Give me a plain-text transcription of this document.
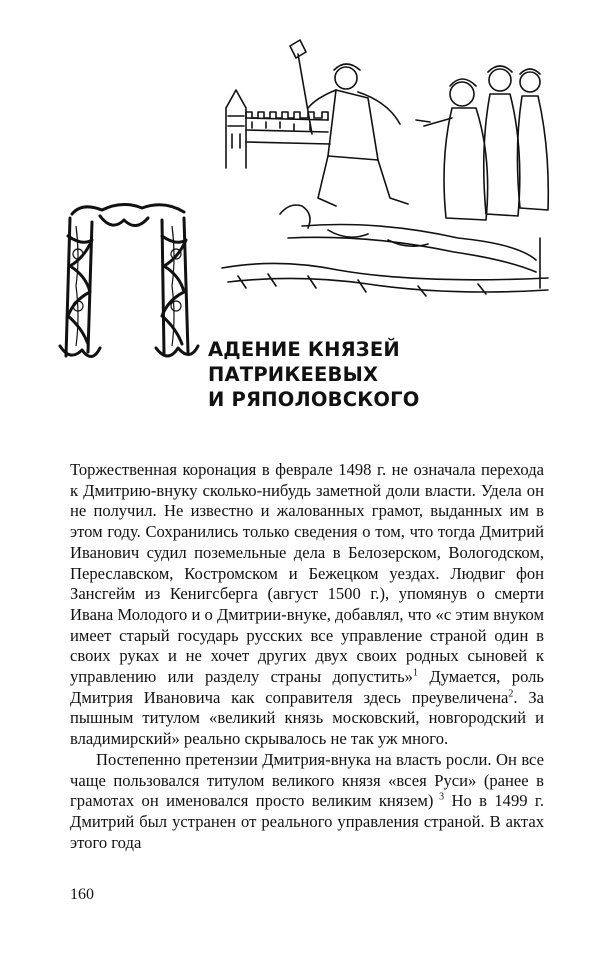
АДЕНИЕ КНЯЗЕЙ
ПАТРИКЕЕВЫХ
И РЯПОЛОВСКОГО

Торжественная коронация в феврале 1498 г. не означала перехода к Дмитрию-внуку сколько-нибудь заметной доли власти. Удела он не получил. Не известно и жалованных грамот, выданных им в этом году. Сохранились только сведения о том, что тогда Дмитрий Иванович судил поземельные дела в Белозерском, Вологодском, Переславском, Костромском и Бежецком уездах. Людвиг фон Зансгейм из Кенигсберга (август 1500 г.), упомянув о смерти Ивана Молодого и о Дмитрии-внуке, добавлял, что «с этим внуком имеет старый государь русских все управление страной один в своих руках и не хочет других двух своих родных сыновей к управлению или разделу страны допустить»$^1$ Думается, роль Дмитрия Ивановича как соправителя здесь преувеличена$^2$. За пышным титулом «великий князь московский, новгородский и владимирский» реально скрывалось не так уж много.

Постепенно претензии Дмитрия-внука на власть росли. Он все чаще пользовался титулом великого князя «всея Руси» (ранее в грамотах он именовался просто великим князем) $^3$ Но в 1499 г. Дмитрий был устранен от реального управления страной. В актах этого года

160
